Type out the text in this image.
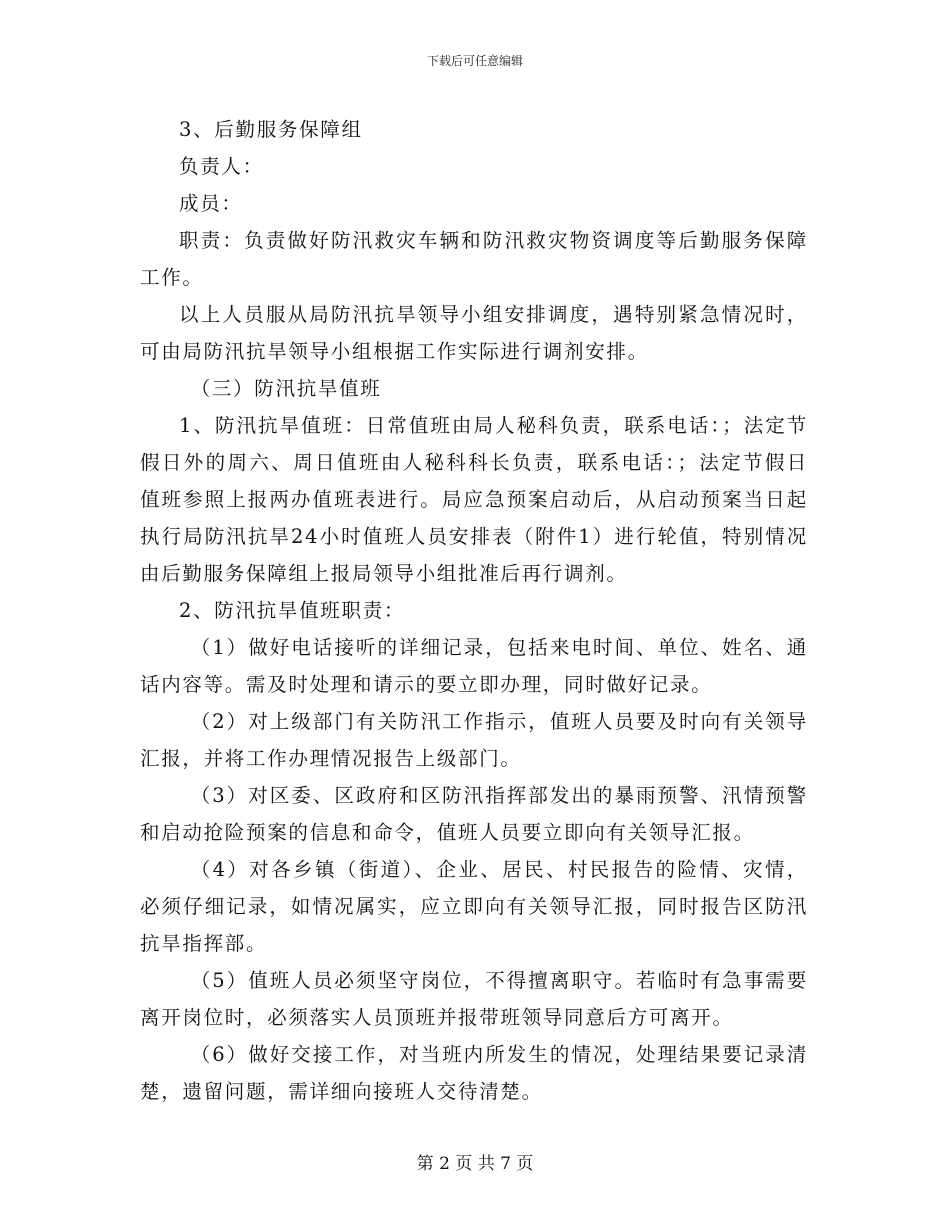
下载后可任意编辑

3、后勤服务保障组

负责人：

成员：

职责：负责做好防汛救灾车辆和防汛救灾物资调度等后勤服务保障工作。

以上人员服从局防汛抗旱领导小组安排调度，遇特别紧急情况时，可由局防汛抗旱领导小组根据工作实际进行调剂安排。

（三）防汛抗旱值班

1、防汛抗旱值班：日常值班由局人秘科负责，联系电话：；法定节假日外的周六、周日值班由人秘科科长负责，联系电话：；法定节假日值班参照上报两办值班表进行。局应急预案启动后，从启动预案当日起执行局防汛抗旱24小时值班人员安排表（附件1）进行轮值，特别情况由后勤服务保障组上报局领导小组批准后再行调剂。

2、防汛抗旱值班职责：

（1）做好电话接听的详细记录，包括来电时间、单位、姓名、通话内容等。需及时处理和请示的要立即办理，同时做好记录。

（2）对上级部门有关防汛工作指示，值班人员要及时向有关领导汇报，并将工作办理情况报告上级部门。

（3）对区委、区政府和区防汛指挥部发出的暴雨预警、汛情预警和启动抢险预案的信息和命令，值班人员要立即向有关领导汇报。

（4）对各乡镇（街道）、企业、居民、村民报告的险情、灾情，必须仔细记录，如情况属实，应立即向有关领导汇报，同时报告区防汛抗旱指挥部。

（5）值班人员必须坚守岗位，不得擅离职守。若临时有急事需要离开岗位时，必须落实人员顶班并报带班领导同意后方可离开。

（6）做好交接工作，对当班内所发生的情况，处理结果要记录清楚，遗留问题，需详细向接班人交待清楚。

第 2 页 共 7 页
